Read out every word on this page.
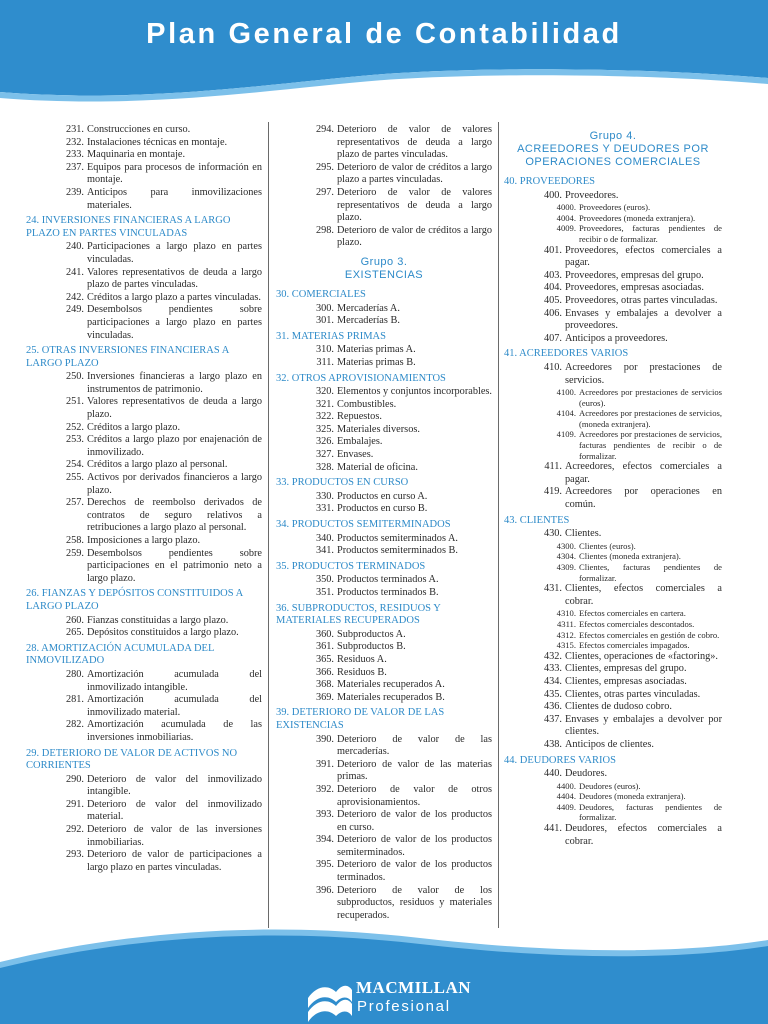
Plan General de Contabilidad
231. Construcciones en curso.
232. Instalaciones técnicas en montaje.
233. Maquinaria en montaje.
237. Equipos para procesos de información en montaje.
239. Anticipos para inmovilizaciones materiales.
24. INVERSIONES FINANCIERAS A LARGO PLAZO EN PARTES VINCULADAS
240. Participaciones a largo plazo en partes vinculadas.
241. Valores representativos de deuda a largo plazo de partes vinculadas.
242. Créditos a largo plazo a partes vinculadas.
249. Desembolsos pendientes sobre participaciones a largo plazo en partes vinculadas.
25. OTRAS INVERSIONES FINANCIERAS A LARGO PLAZO
250. Inversiones financieras a largo plazo en instrumentos de patrimonio.
251. Valores representativos de deuda a largo plazo.
252. Créditos a largo plazo.
253. Créditos a largo plazo por enajenación de inmovilizado.
254. Créditos a largo plazo al personal.
255. Activos por derivados financieros a largo plazo.
257. Derechos de reembolso derivados de contratos de seguro relativos a retribuciones a largo plazo al personal.
258. Imposiciones a largo plazo.
259. Desembolsos pendientes sobre participaciones en el patrimonio neto a largo plazo.
26. FIANZAS Y DEPÓSITOS CONSTITUIDOS A LARGO PLAZO
260. Fianzas constituidas a largo plazo.
265. Depósitos constituidos a largo plazo.
28. AMORTIZACIÓN ACUMULADA DEL INMOVILIZADO
280. Amortización acumulada del inmovilizado intangible.
281. Amortización acumulada del inmovilizado material.
282. Amortización acumulada de las inversiones inmobiliarias.
29. DETERIORO DE VALOR DE ACTIVOS NO CORRIENTES
290. Deterioro de valor del inmovilizado intangible.
291. Deterioro de valor del inmovilizado material.
292. Deterioro de valor de las inversiones inmobiliarias.
293. Deterioro de valor de participaciones a largo plazo en partes vinculadas.
294. Deterioro de valor de valores representativos de deuda a largo plazo de partes vinculadas.
295. Deterioro de valor de créditos a largo plazo a partes vinculadas.
297. Deterioro de valor de valores representativos de deuda a largo plazo.
298. Deterioro de valor de créditos a largo plazo.
Grupo 3.
EXISTENCIAS
30. COMERCIALES
300. Mercaderías A.
301. Mercaderías B.
31. MATERIAS PRIMAS
310. Materias primas A.
311. Materias primas B.
32. OTROS APROVISIONAMIENTOS
320. Elementos y conjuntos incorporables.
321. Combustibles.
322. Repuestos.
325. Materiales diversos.
326. Embalajes.
327. Envases.
328. Material de oficina.
33. PRODUCTOS EN CURSO
330. Productos en curso A.
331. Productos en curso B.
34. PRODUCTOS SEMITERMINADOS
340. Productos semiterminados A.
341. Productos semiterminados B.
35. PRODUCTOS TERMINADOS
350. Productos terminados A.
351. Productos terminados B.
36. SUBPRODUCTOS, RESIDUOS Y MATERIALES RECUPERADOS
360. Subproductos A.
361. Subproductos B.
365. Residuos A.
366. Residuos B.
368. Materiales recuperados A.
369. Materiales recuperados B.
39. DETERIORO DE VALOR DE LAS EXISTENCIAS
390. Deterioro de valor de las mercaderías.
391. Deterioro de valor de las materias primas.
392. Deterioro de valor de otros aprovisionamientos.
393. Deterioro de valor de los productos en curso.
394. Deterioro de valor de los productos semiterminados.
395. Deterioro de valor de los productos terminados.
396. Deterioro de valor de los subproductos, residuos y materiales recuperados.
Grupo 4.
ACREEDORES Y DEUDORES POR
OPERACIONES COMERCIALES
40. PROVEEDORES
400. Proveedores.
4000. Proveedores (euros).
4004. Proveedores (moneda extranjera).
4009. Proveedores, facturas pendientes de recibir o de formalizar.
401. Proveedores, efectos comerciales a pagar.
403. Proveedores, empresas del grupo.
404. Proveedores, empresas asociadas.
405. Proveedores, otras partes vinculadas.
406. Envases y embalajes a devolver a proveedores.
407. Anticipos a proveedores.
41. ACREEDORES VARIOS
410. Acreedores por prestaciones de servicios.
4100. Acreedores por prestaciones de servicios (euros).
4104. Acreedores por prestaciones de servicios, (moneda extranjera).
4109. Acreedores por prestaciones de servicios, facturas pendientes de recibir o de formalizar.
411. Acreedores, efectos comerciales a pagar.
419. Acreedores por operaciones en común.
43. CLIENTES
430. Clientes.
4300. Clientes (euros).
4304. Clientes (moneda extranjera).
4309. Clientes, facturas pendientes de formalizar.
431. Clientes, efectos comerciales a cobrar.
4310. Efectos comerciales en cartera.
4311. Efectos comerciales descontados.
4312. Efectos comerciales en gestión de cobro.
4315. Efectos comerciales impagados.
432. Clientes, operaciones de «factoring».
433. Clientes, empresas del grupo.
434. Clientes, empresas asociadas.
435. Clientes, otras partes vinculadas.
436. Clientes de dudoso cobro.
437. Envases y embalajes a devolver por clientes.
438. Anticipos de clientes.
44. DEUDORES VARIOS
440. Deudores.
4400. Deudores (euros).
4404. Deudores (moneda extranjera).
4409. Deudores, facturas pendientes de formalizar.
441. Deudores, efectos comerciales a cobrar.
MACMILLAN
Profesional
